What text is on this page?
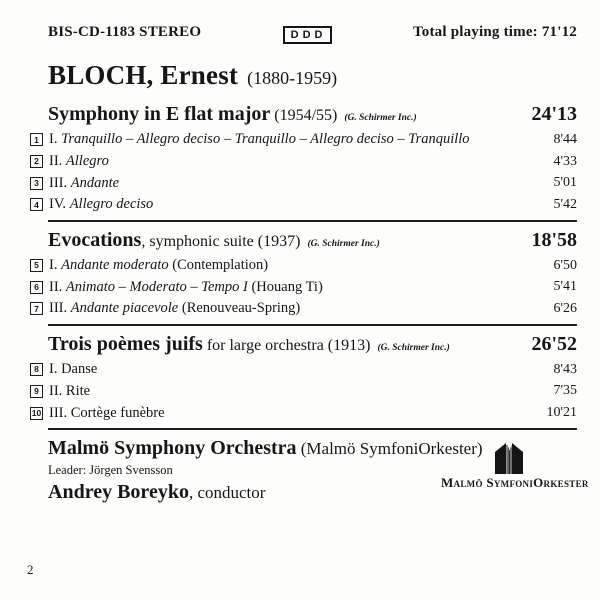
BIS-CD-1183 STEREO	DDD	Total playing time: 71'12
BLOCH, Ernest (1880-1959)
Symphony in E flat major (1954/55) (G. Schirmer Inc.)	24'13
1 I. Tranquillo – Allegro deciso – Tranquillo – Allegro deciso – Tranquillo	8'44
2 II. Allegro	4'33
3 III. Andante	5'01
4 IV. Allegro deciso	5'42
Evocations, symphonic suite (1937) (G. Schirmer Inc.)	18'58
5 I. Andante moderato (Contemplation)	6'50
6 II. Animato – Moderato – Tempo I (Houang Ti)	5'41
7 III. Andante piacevole (Renouveau-Spring)	6'26
Trois poèmes juifs for large orchestra (1913) (G. Schirmer Inc.)	26'52
8 I. Danse	8'43
9 II. Rite	7'35
10 III. Cortège funèbre	10'21
Malmö Symphony Orchestra (Malmö SymfoniOrkester)
Leader: Jörgen Svensson
Andrey Boreyko, conductor
Malmö SymfoniOrkester
2
